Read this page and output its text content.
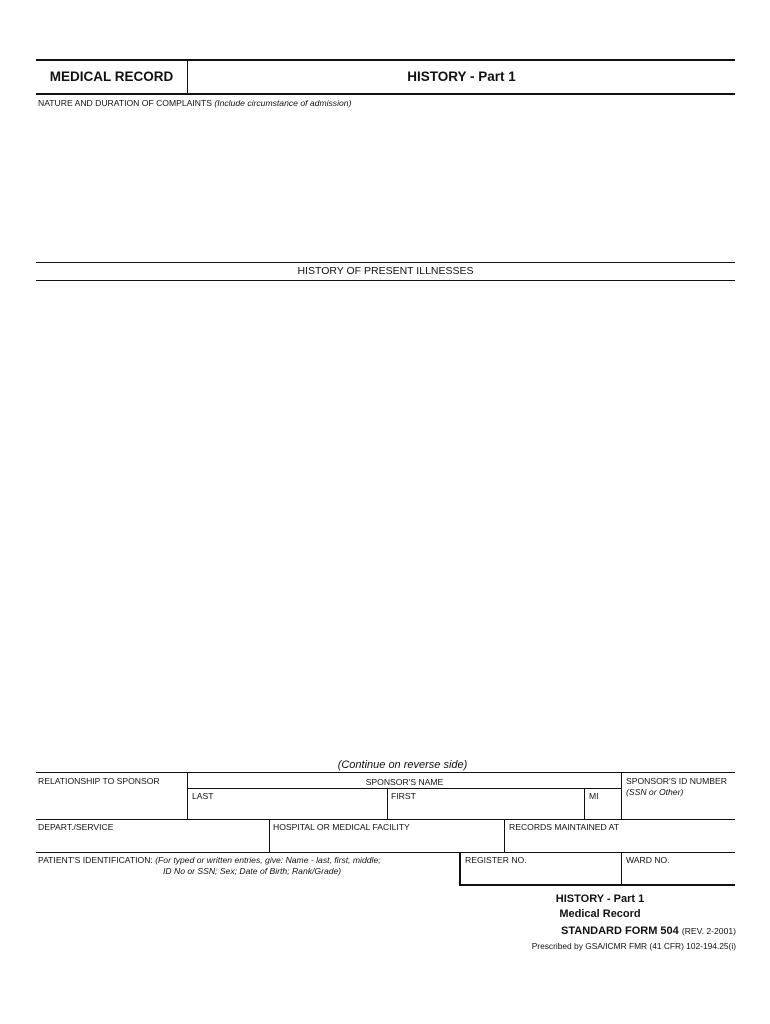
MEDICAL RECORD	HISTORY - Part 1
NATURE AND DURATION OF COMPLAINTS (Include circumstance of admission)
HISTORY OF PRESENT ILLNESSES
(Continue on reverse side)
RELATIONSHIP TO SPONSOR	SPONSOR'S NAME	SPONSOR'S ID NUMBER
(SSN or Other)
LAST	FIRST	MI
DEPART./SERVICE	HOSPITAL OR MEDICAL FACILITY	RECORDS MAINTAINED AT
PATIENT'S IDENTIFICATION: (For typed or written entries, give: Name - last, first, middle;
ID No or SSN; Sex; Date of Birth; Rank/Grade)
REGISTER NO.	WARD NO.
HISTORY - Part 1
Medical Record
STANDARD FORM 504 (REV. 2-2001)
Prescribed by GSA/ICMR FMR (41 CFR) 102-194.25(i)
